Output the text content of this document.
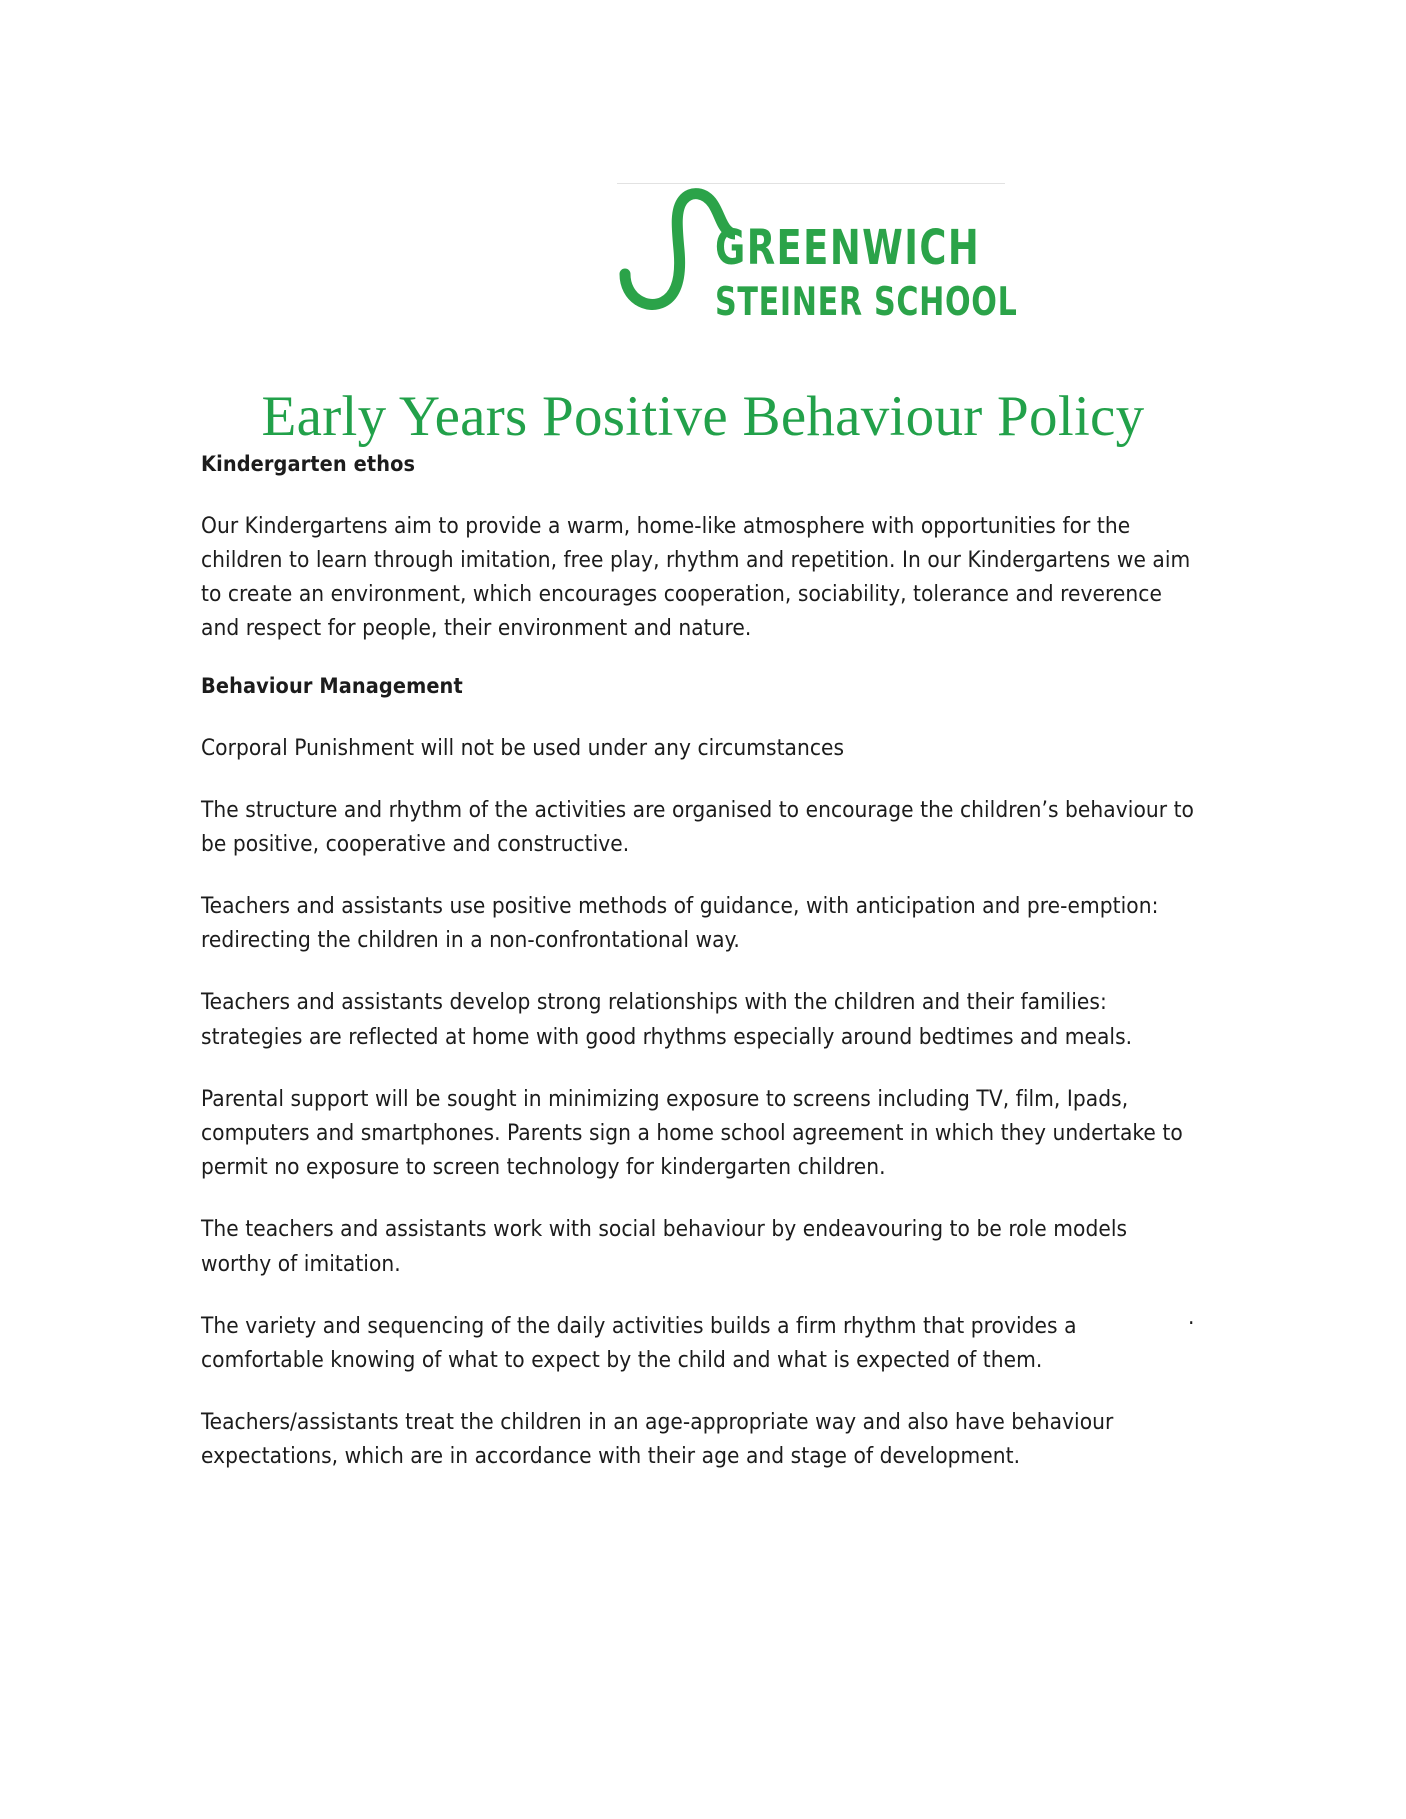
GREENWICH
STEINER SCHOOL
Early Years Positive Behaviour Policy
Kindergarten ethos

Our Kindergartens aim to provide a warm, home-like atmosphere with opportunities for the children to learn through imitation, free play, rhythm and repetition. In our Kindergartens we aim to create an environment, which encourages cooperation, sociability, tolerance and reverence and respect for people, their environment and nature.

Behaviour Management

Corporal Punishment will not be used under any circumstances

The structure and rhythm of the activities are organised to encourage the children’s behaviour to be positive, cooperative and constructive.

Teachers and assistants use positive methods of guidance, with anticipation and pre-emption: redirecting the children in a non-confrontational way.

Teachers and assistants develop strong relationships with the children and their families: strategies are reflected at home with good rhythms especially around bedtimes and meals.

Parental support will be sought in minimizing exposure to screens including TV, film, Ipads, computers and smartphones. Parents sign a home school agreement in which they undertake to permit no exposure to screen technology for kindergarten children.

The teachers and assistants work with social behaviour by endeavouring to be role models worthy of imitation.

The variety and sequencing of the daily activities builds a firm rhythm that provides a comfortable knowing of what to expect by the child and what is expected of them.

Teachers/assistants treat the children in an age-appropriate way and also have behaviour expectations, which are in accordance with their age and stage of development.

.
